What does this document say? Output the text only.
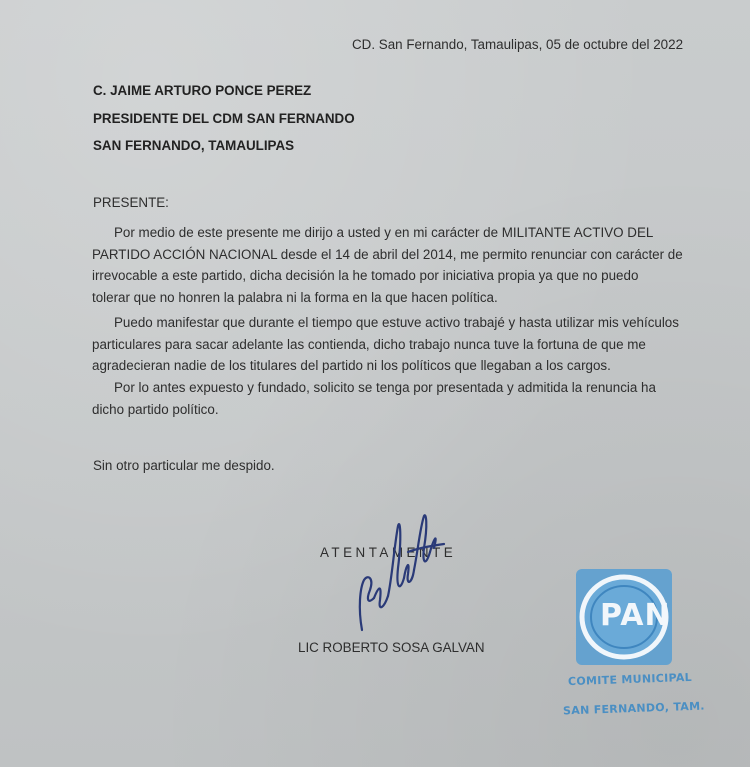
CD. San Fernando, Tamaulipas, 05 de octubre del 2022
C. JAIME ARTURO PONCE PEREZ
PRESIDENTE DEL CDM SAN FERNANDO
SAN FERNANDO, TAMAULIPAS
PRESENTE:
Por medio de este presente me dirijo a usted y en mi carácter de MILITANTE ACTIVO DEL
PARTIDO ACCIÓN NACIONAL desde el 14 de abril del 2014, me permito renunciar con carácter de
irrevocable a este partido, dicha decisión la he tomado por iniciativa propia ya que no puedo
tolerar que no honren la palabra ni la forma en la que hacen política.
Puedo manifestar que durante el tiempo que estuve activo trabajé y hasta utilizar mis vehículos
particulares para sacar adelante las contienda, dicho trabajo nunca tuve la fortuna de que me
agradecieran nadie de los titulares del partido ni los políticos que llegaban a los cargos.
Por lo antes expuesto y fundado, solicito se tenga por presentada y admitida la renuncia ha
dicho partido político.
Sin otro particular me despido.
ATENTAMENTE
LIC ROBERTO SOSA GALVAN
PAN
COMITE MUNICIPAL
SAN FERNANDO, TAM.
